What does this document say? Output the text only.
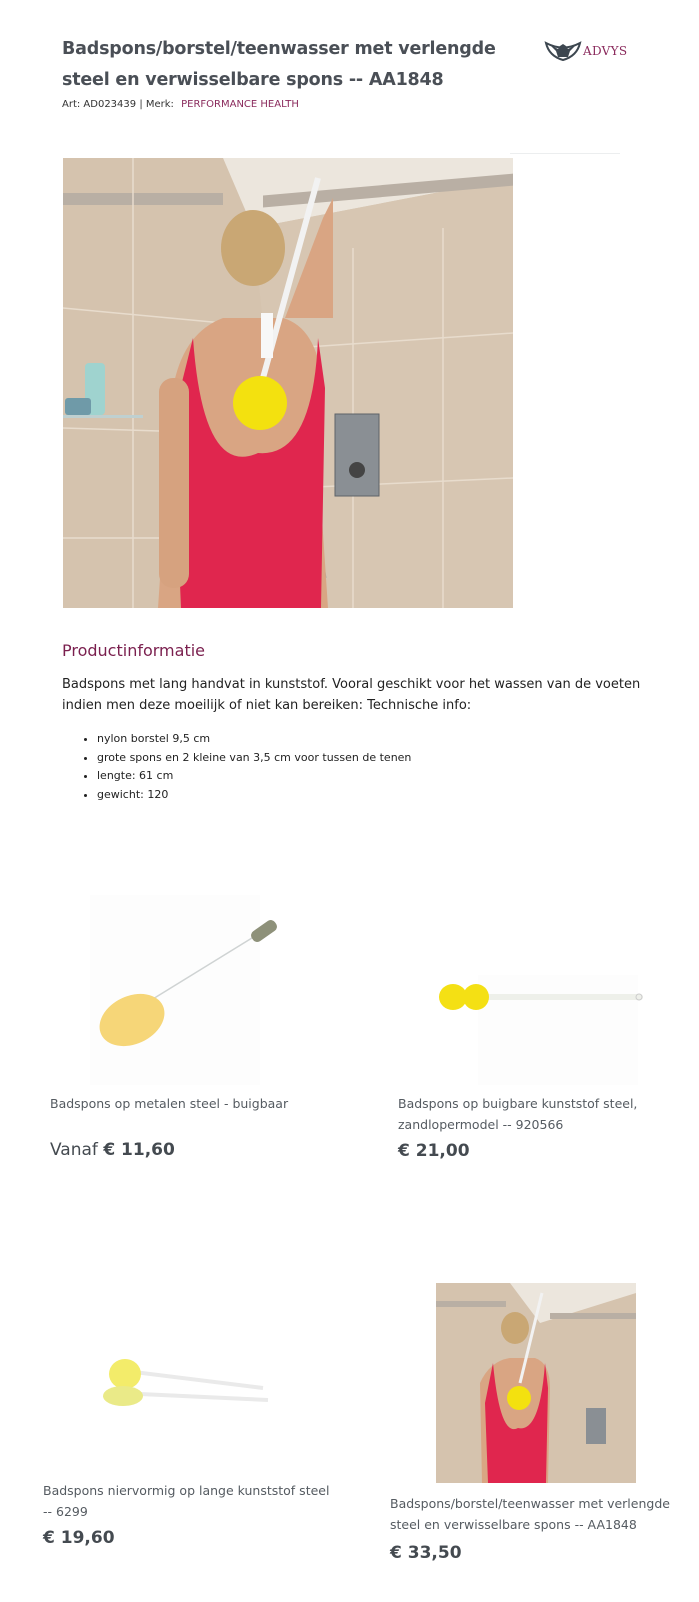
Badspons/borstel/teenwasser met verlengde steel en verwisselbare spons -- AA1848
Art: AD023439 | Merk: PERFORMANCE HEALTH
ADVYS
Productinformatie

Badspons met lang handvat in kunststof. Vooral geschikt voor het wassen van de voeten indien men deze moeilijk of niet kan bereiken: Technische info:

• nylon borstel 9,5 cm
• grote spons en 2 kleine van 3,5 cm voor tussen de tenen
• lengte: 61 cm
• gewicht: 120
Badspons op metalen steel - buigbaar
Vanaf € 11,60
Badspons op buigbare kunststof steel, zandlopermodel -- 920566
€ 21,00
Badspons niervormig op lange kunststof steel -- 6299
€ 19,60
Badspons/borstel/teenwasser met verlengde steel en verwisselbare spons -- AA1848
€ 33,50
